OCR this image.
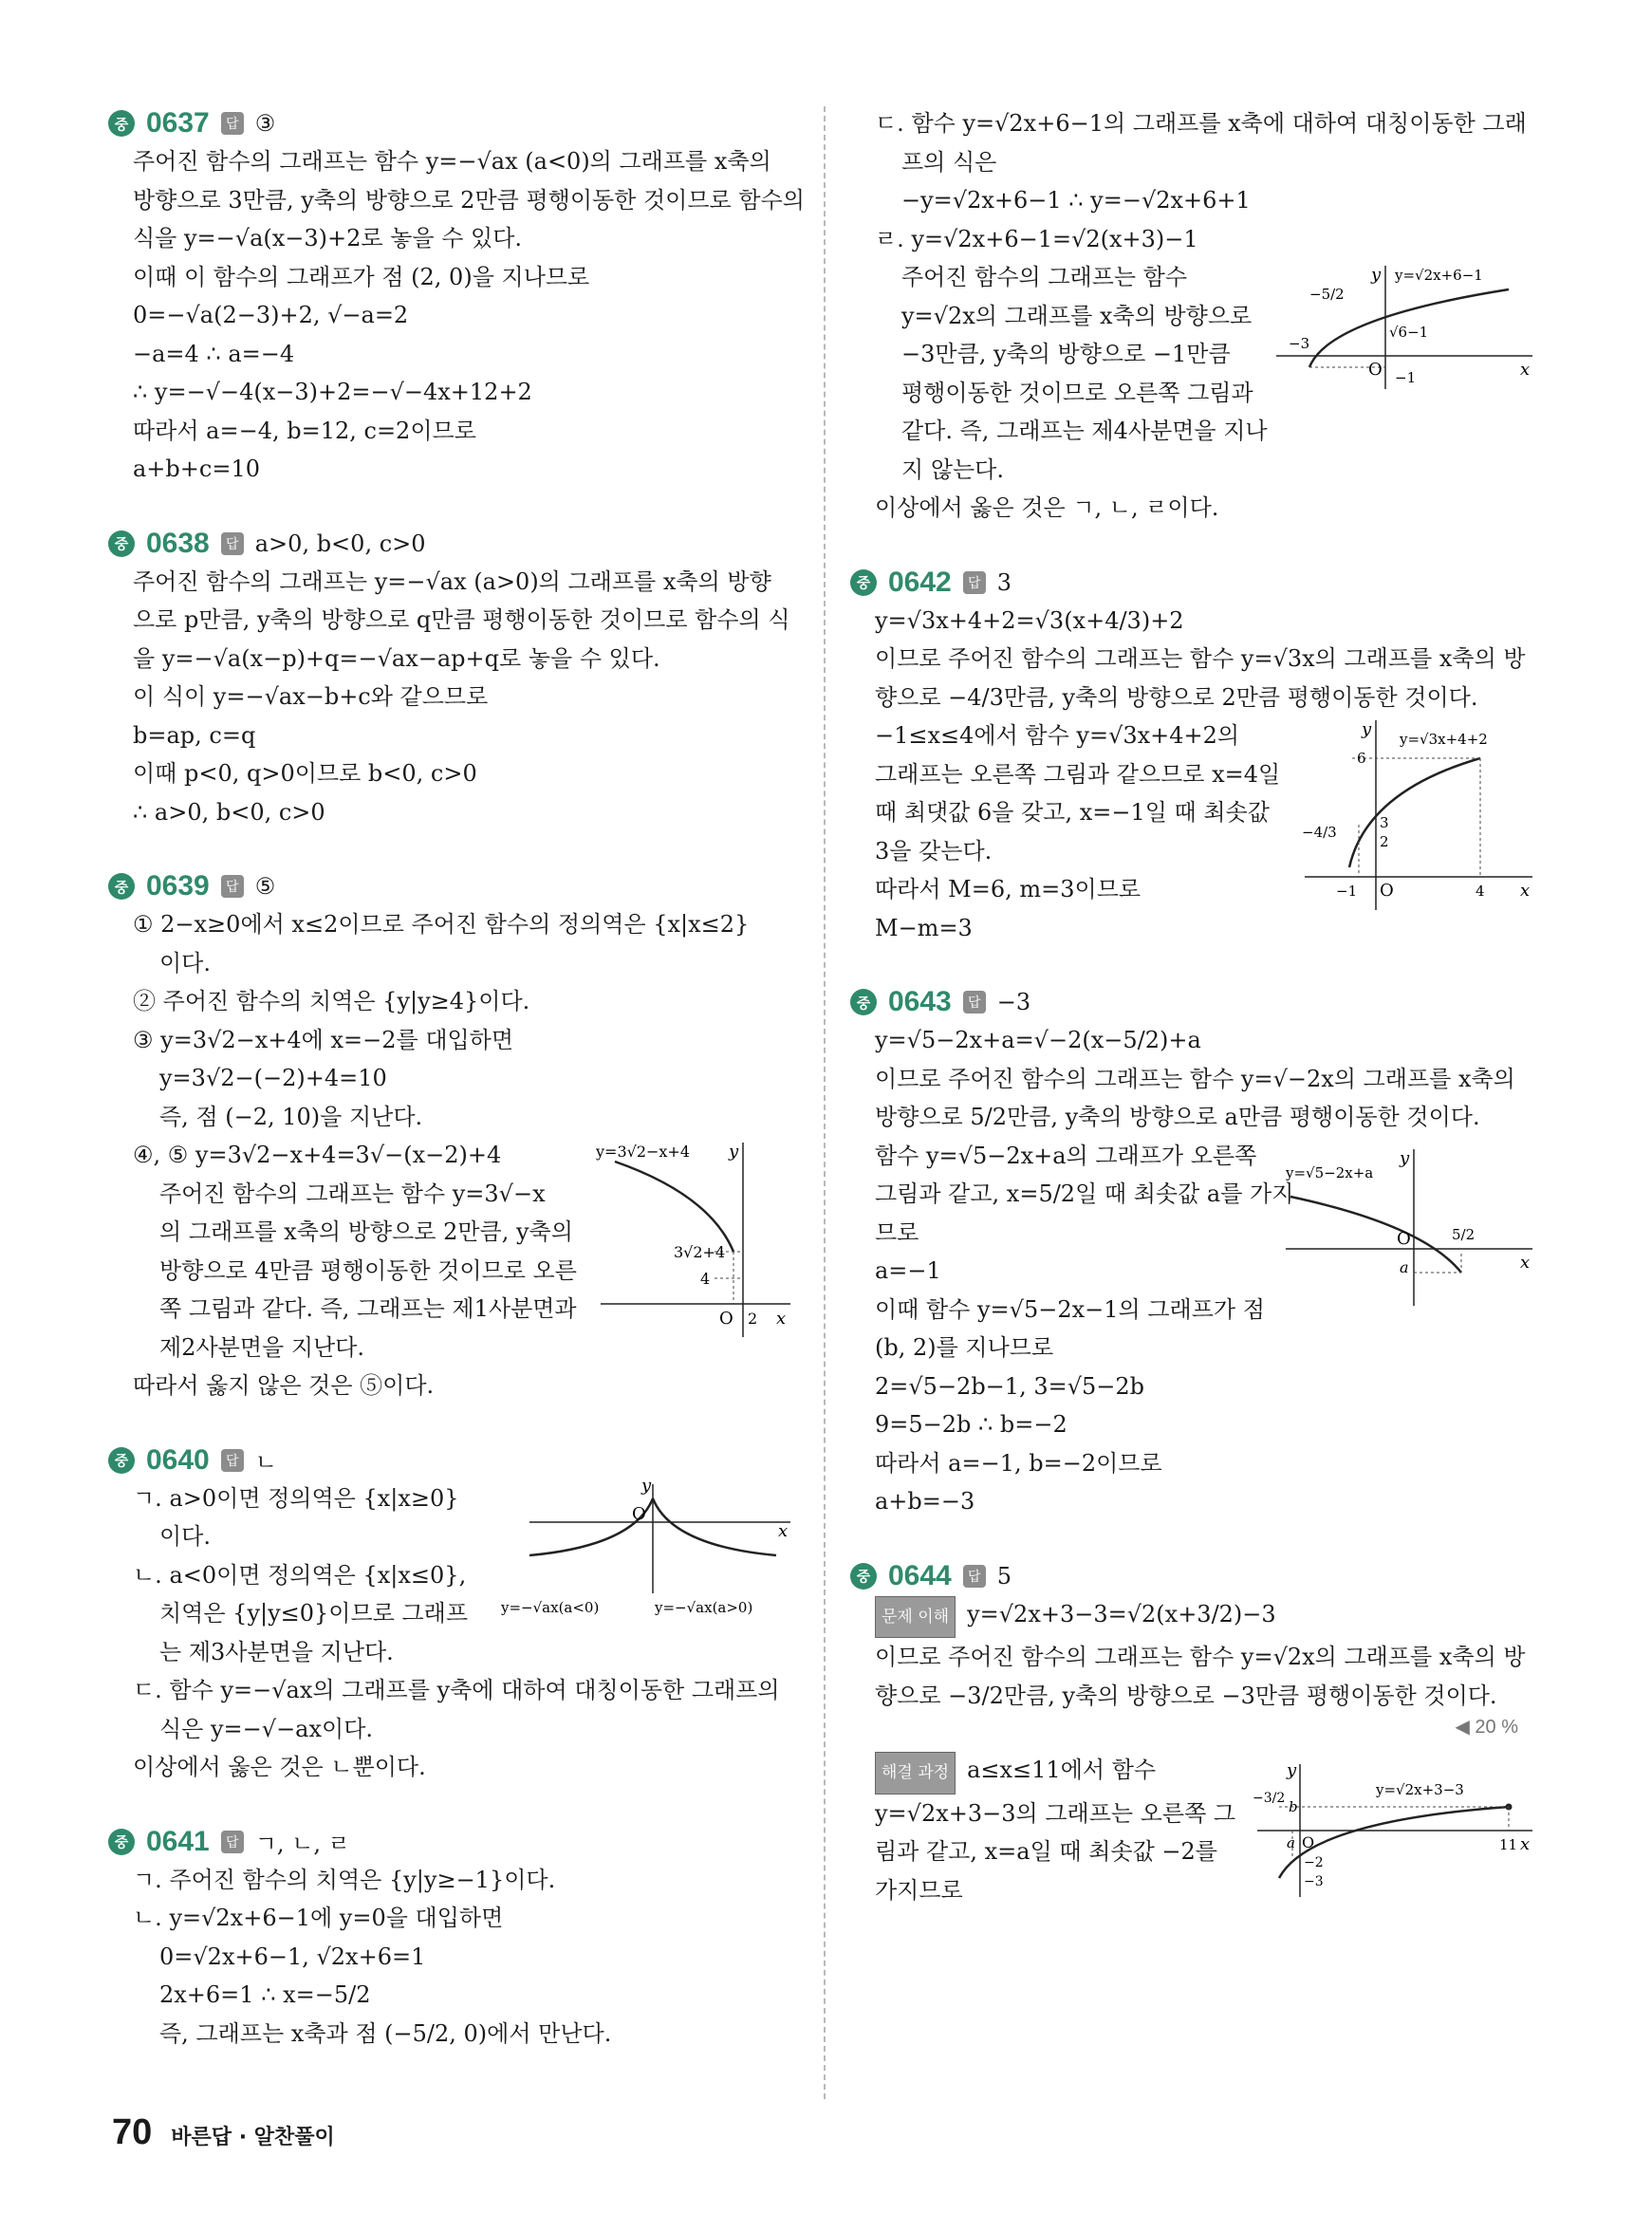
중 0637	답 ③
주어진 함수의 그래프는 함수 y=−√ax (a<0)의 그래프를 x축의
방향으로 3만큼, y축의 방향으로 2만큼 평행이동한 것이므로 함수의
식을 y=−√a(x−3)+2로 놓을 수 있다.
이때 이 함수의 그래프가 점 (2, 0)을 지나므로
0=−√a(2−3)+2, √−a=2
−a=4 ∴ a=−4
∴ y=−√−4(x−3)+2=−√−4x+12+2
따라서 a=−4, b=12, c=2이므로
a+b+c=10
중 0638	답 a>0, b<0, c>0
주어진 함수의 그래프는 y=−√ax (a>0)의 그래프를 x축의 방향
으로 p만큼, y축의 방향으로 q만큼 평행이동한 것이므로 함수의 식
을 y=−√a(x−p)+q=−√ax−ap+q로 놓을 수 있다.
이 식이 y=−√ax−b+c와 같으므로
b=ap, c=q
이때 p<0, q>0이므로 b<0, c>0
∴ a>0, b<0, c>0
중 0639	답 ⑤
① 2−x≥0에서 x≤2이므로 주어진 함수의 정의역은 {x|x≤2}
이다.
② 주어진 함수의 치역은 {y|y≥4}이다.
③ y=3√2−x+4에 x=−2를 대입하면
y=3√2−(−2)+4=10
즉, 점 (−2, 10)을 지난다.
④, ⑤ y=3√2−x+4=3√−(x−2)+4
주어진 함수의 그래프는 함수 y=3√−x
의 그래프를 x축의 방향으로 2만큼, y축의
방향으로 4만큼 평행이동한 것이므로 오른
쪽 그림과 같다. 즉, 그래프는 제1사분면과
제2사분면을 지난다.
따라서 옳지 않은 것은 ⑤이다.
y=3√2−x+4
3√2+4
4
O 2 x
y
중 0640	답 ㄴ
ㄱ. a>0이면 정의역은 {x|x≥0}
이다.
ㄴ. a<0이면 정의역은 {x|x≤0},
치역은 {y|y≤0}이므로 그래프
는 제3사분면을 지난다.
ㄷ. 함수 y=−√ax의 그래프를 y축에 대하여 대칭이동한 그래프의
식은 y=−√−ax이다.
이상에서 옳은 것은 ㄴ뿐이다.
O
x
y
y=−√ax(a<0)	y=−√ax(a>0)
중 0641	답 ㄱ, ㄴ, ㄹ
ㄱ. 주어진 함수의 치역은 {y|y≥−1}이다.
ㄴ. y=√2x+6−1에 y=0을 대입하면
0=√2x+6−1, √2x+6=1
2x+6=1 ∴ x=−5/2
즉, 그래프는 x축과 점 (−5/2, 0)에서 만난다.
ㄷ. 함수 y=√2x+6−1의 그래프를 x축에 대하여 대칭이동한 그래
프의 식은
−y=√2x+6−1 ∴ y=−√2x+6+1
ㄹ. y=√2x+6−1=√2(x+3)−1
주어진 함수의 그래프는 함수
y=√2x의 그래프를 x축의 방향으로
−3만큼, y축의 방향으로 −1만큼
평행이동한 것이므로 오른쪽 그림과
같다. 즉, 그래프는 제4사분면을 지나
지 않는다.
이상에서 옳은 것은 ㄱ, ㄴ, ㄹ이다.
y=√2x+6−1
−5/2
−3
√6−1
−1
O	x
y
중 0642	답 3
y=√3x+4+2=√3(x+4/3)+2
이므로 주어진 함수의 그래프는 함수 y=√3x의 그래프를 x축의 방
향으로 −4/3만큼, y축의 방향으로 2만큼 평행이동한 것이다.
−1≤x≤4에서 함수 y=√3x+4+2의
그래프는 오른쪽 그림과 같으므로 x=4일
때 최댓값 6을 갖고, x=−1일 때 최솟값
3을 갖는다.
따라서 M=6, m=3이므로
M−m=3
y=√3x+4+2
6
3
2
−4/3
−1	4
O	x
y
중 0643	답 −3
y=√5−2x+a=√−2(x−5/2)+a
이므로 주어진 함수의 그래프는 함수 y=√−2x의 그래프를 x축의
방향으로 5/2만큼, y축의 방향으로 a만큼 평행이동한 것이다.
함수 y=√5−2x+a의 그래프가 오른쪽
그림과 같고, x=5/2일 때 최솟값 a를 가지
므로
a=−1
이때 함수 y=√5−2x−1의 그래프가 점
(b, 2)를 지나므로
2=√5−2b−1, 3=√5−2b
9=5−2b ∴ b=−2
따라서 a=−1, b=−2이므로
a+b=−3
y=√5−2x+a
O
a
5/2
x
y
중 0644	답 5
문제 이해 y=√2x+3−3=√2(x+3/2)−3
이므로 주어진 함수의 그래프는 함수 y=√2x의 그래프를 x축의 방
향으로 −3/2만큼, y축의 방향으로 −3만큼 평행이동한 것이다.
◀ 20 %
해결 과정 a≤x≤11에서 함수
y=√2x+3−3의 그래프는 오른쪽 그
림과 같고, x=a일 때 최솟값 −2를
가지므로
y=√2x+3−3
−3/2 b
a	11
−2
−3
O	x
y
70 바른답 · 알찬풀이
